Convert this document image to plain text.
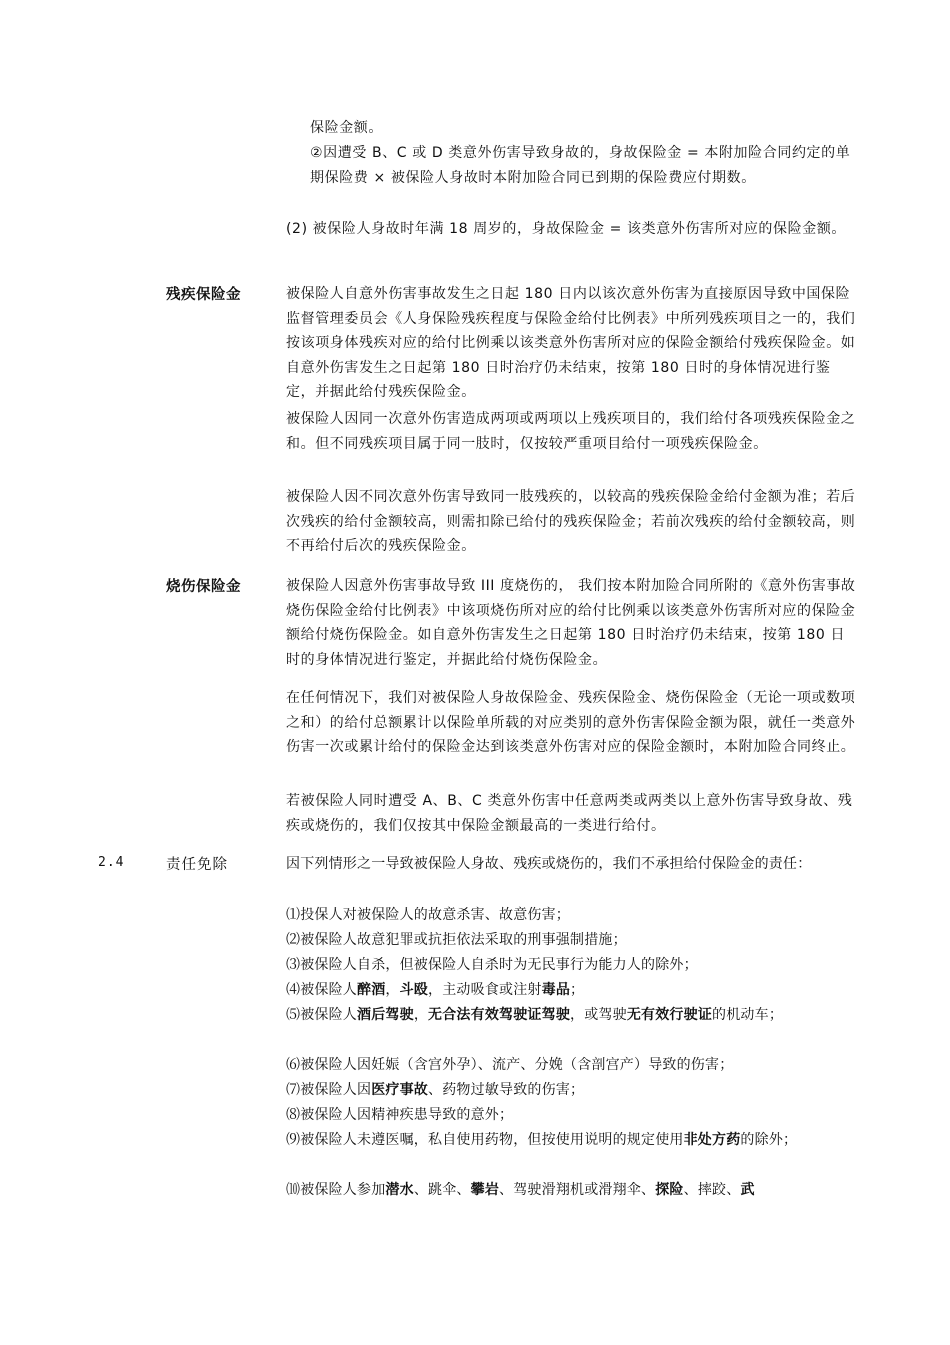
保险金额。
②因遭受 B、C 或 D 类意外伤害导致身故的，身故保险金 = 本附加险合同约定的单期保险费 × 被保险人身故时本附加险合同已到期的保险费应付期数。
(2) 被保险人身故时年满 18 周岁的，身故保险金 = 该类意外伤害所对应的保险金额。
残疾保险金	被保险人自意外伤害事故发生之日起 180 日内以该次意外伤害为直接原因导致中国保险监督管理委员会《人身保险残疾程度与保险金给付比例表》中所列残疾项目之一的，我们按该项身体残疾对应的给付比例乘以该类意外伤害所对应的保险金额给付残疾保险金。如自意外伤害发生之日起第 180 日时治疗仍未结束，按第 180 日时的身体情况进行鉴定，并据此给付残疾保险金。
被保险人因同一次意外伤害造成两项或两项以上残疾项目的，我们给付各项残疾保险金之和。但不同残疾项目属于同一肢时，仅按较严重项目给付一项残疾保险金。
被保险人因不同次意外伤害导致同一肢残疾的，以较高的残疾保险金给付金额为准；若后次残疾的给付金额较高，则需扣除已给付的残疾保险金；若前次残疾的给付金额较高，则不再给付后次的残疾保险金。
烧伤保险金	被保险人因意外伤害事故导致 III 度烧伤的， 我们按本附加险合同所附的《意外伤害事故烧伤保险金给付比例表》中该项烧伤所对应的给付比例乘以该类意外伤害所对应的保险金额给付烧伤保险金。如自意外伤害发生之日起第 180 日时治疗仍未结束，按第 180 日时的身体情况进行鉴定，并据此给付烧伤保险金。
在任何情况下，我们对被保险人身故保险金、残疾保险金、烧伤保险金（无论一项或数项之和）的给付总额累计以保险单所载的对应类别的意外伤害保险金额为限，就任一类意外伤害一次或累计给付的保险金达到该类意外伤害对应的保险金额时，本附加险合同终止。
若被保险人同时遭受 A、B、C 类意外伤害中任意两类或两类以上意外伤害导致身故、残疾或烧伤的，我们仅按其中保险金额最高的一类进行给付。
2.4	责任免除	因下列情形之一导致被保险人身故、残疾或烧伤的，我们不承担给付保险金的责任：
⑴投保人对被保险人的故意杀害、故意伤害；
⑵被保险人故意犯罪或抗拒依法采取的刑事强制措施；
⑶被保险人自杀，但被保险人自杀时为无民事行为能力人的除外；
⑷被保险人醉酒，斗殴，主动吸食或注射毒品；
⑸被保险人酒后驾驶，无合法有效驾驶证驾驶，或驾驶无有效行驶证的机动车；
⑹被保险人因妊娠（含宫外孕）、流产、分娩（含剖宫产）导致的伤害；
⑺被保险人因医疗事故、药物过敏导致的伤害；
⑻被保险人因精神疾患导致的意外；
⑼被保险人未遵医嘱，私自使用药物，但按使用说明的规定使用非处方药的除外；
⑽被保险人参加潜水、跳伞、攀岩、驾驶滑翔机或滑翔伞、探险、摔跤、武
